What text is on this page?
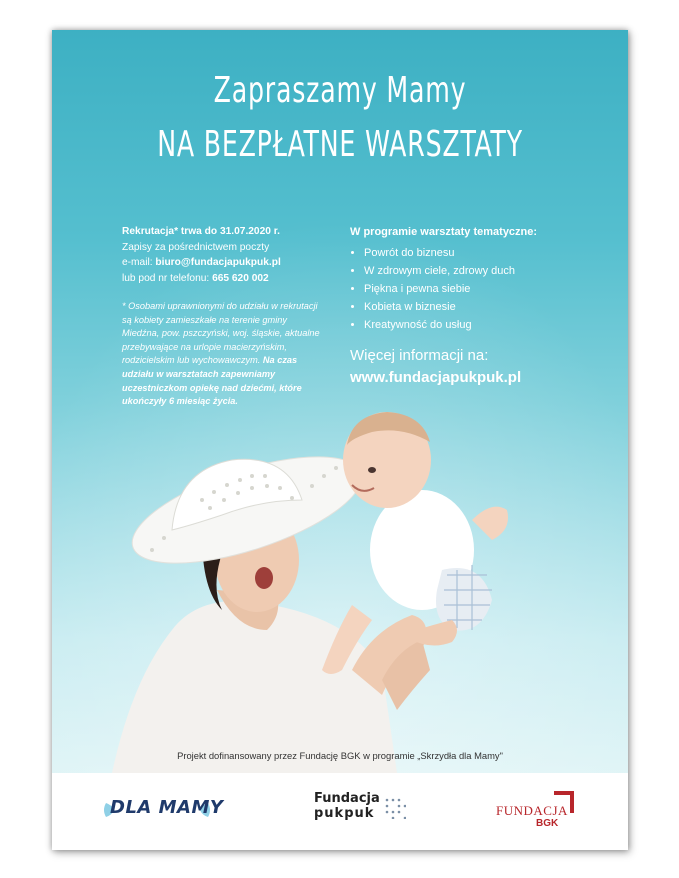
Zapraszamy Mamy
NA BEZPŁATNE WARSZTATY
Rekrutacja* trwa do 31.07.2020 r.
Zapisy za pośrednictwem poczty
e-mail: biuro@fundacjapukpuk.pl
lub pod nr telefonu: 665 620 002
* Osobami uprawnionymi do udziału w rekrutacji są kobiety zamieszkałe na terenie gminy Miedźna, pow. pszczyński, woj. śląskie, aktualne przebywające na urlopie macierzyńskim, rodzicielskim lub wychowawczym. Na czas udziału w warsztatach zapewniamy uczestniczkom opiekę nad dziećmi, które ukończyły 6 miesiąc życia.
W programie warsztaty tematyczne:
• Powrót do biznesu
• W zdrowym ciele, zdrowy duch
• Piękna i pewna siebie
• Kobieta w biznesie
• Kreatywność do usług
Więcej informacji na:
www.fundacjapukpuk.pl
Projekt dofinansowany przez Fundację BGK w programie „Skrzydła dla Mamy"
DLA MAMY	Fundacja
pukpuk	FUNDACJA
BGK
